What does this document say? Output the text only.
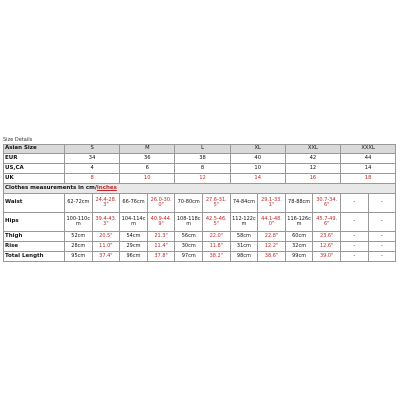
Size Details
Asian Size	S		M		L		XL		XXL		XXXL	
EUR	34		36		38		40		42		44	
US,CA	4		6		8		10		12		14	
UK	8		10		12		14		16		18	
Clothes measurements in cm/inches												
Waist	62-72cm	24.4-28.3"	66-76cm	26.0-30.0"	70-80cm	27.6-31.5"	74-84cm	29.1-33.1"	78-88cm	30.7-34.6"	-	-
Hips	100-110cm	39.4-43.3"	104-114cm	40.9-44.9"	108-118cm	42.5-46.5"	112-122cm	44.1-48.0"	116-126cm	45.7-49.6"	-	-
Thigh	52cm	20.5"	54cm	21.3"	56cm	22.0"	58cm	22.8"	60cm	23.6"	-	-
Rise	28cm	11.0"	29cm	11.4"	30cm	11.8"	31cm	12.2"	32cm	12.6"	-	-
Total Length	95cm	37.4"	96cm	37.8"	97cm	38.2"	98cm	38.6"	99cm	39.0"	-	-
